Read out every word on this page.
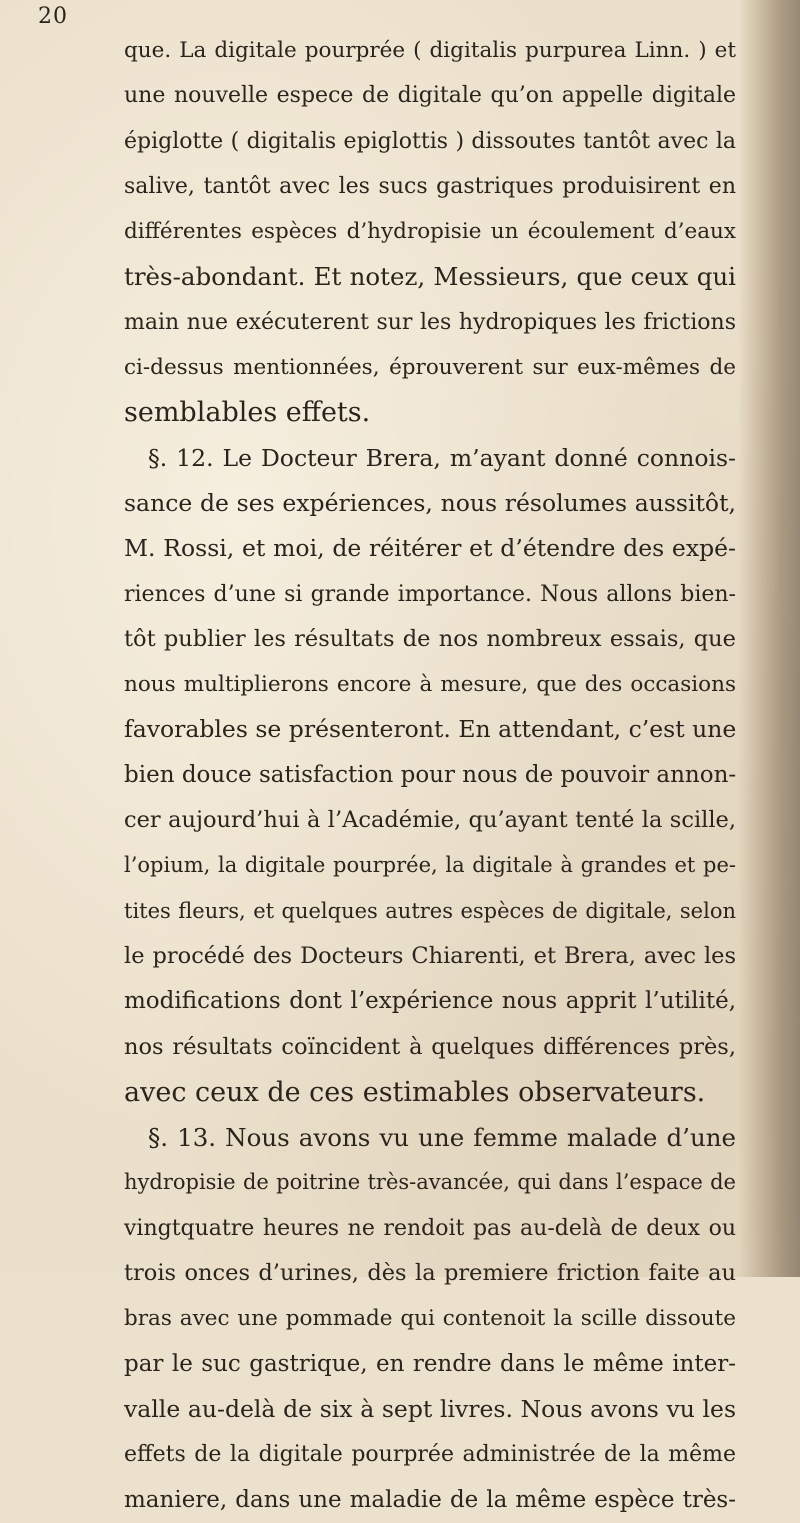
20
que. La digitale pourprée ( digitalis purpurea Linn. ) et
une nouvelle espece de digitale qu’on appelle digitale
épiglotte ( digitalis epiglottis ) dissoutes tantôt avec la
salive, tantôt avec les sucs gastriques produisirent en
différentes espèces d’hydropisie un écoulement d’eaux
très-abondant. Et notez, Messieurs, que ceux qui
main nue exécuterent sur les hydropiques les frictions
ci-dessus mentionnées, éprouverent sur eux-mêmes de
semblables effets.
§. 12. Le Docteur Brera, m’ayant donné connois-
sance de ses expériences, nous résolumes aussitôt,
M. Rossi, et moi, de réitérer et d’étendre des expé-
riences d’une si grande importance. Nous allons bien-
tôt publier les résultats de nos nombreux essais, que
nous multiplierons encore à mesure, que des occasions
favorables se présenteront. En attendant, c’est une
bien douce satisfaction pour nous de pouvoir annon-
cer aujourd’hui à l’Académie, qu’ayant tenté la scille,
l’opium, la digitale pourprée, la digitale à grandes et pe-
tites fleurs, et quelques autres espèces de digitale, selon
le procédé des Docteurs Chiarenti, et Brera, avec les
modifications dont l’expérience nous apprit l’utilité,
nos résultats coïncident à quelques différences près,
avec ceux de ces estimables observateurs.
§. 13. Nous avons vu une femme malade d’une
hydropisie de poitrine très-avancée, qui dans l’espace de
vingtquatre heures ne rendoit pas au-delà de deux ou
trois onces d’urines, dès la premiere friction faite au
bras avec une pommade qui contenoit la scille dissoute
par le suc gastrique, en rendre dans le même inter-
valle au-delà de six à sept livres. Nous avons vu les
effets de la digitale pourprée administrée de la même
maniere, dans une maladie de la même espèce très-
